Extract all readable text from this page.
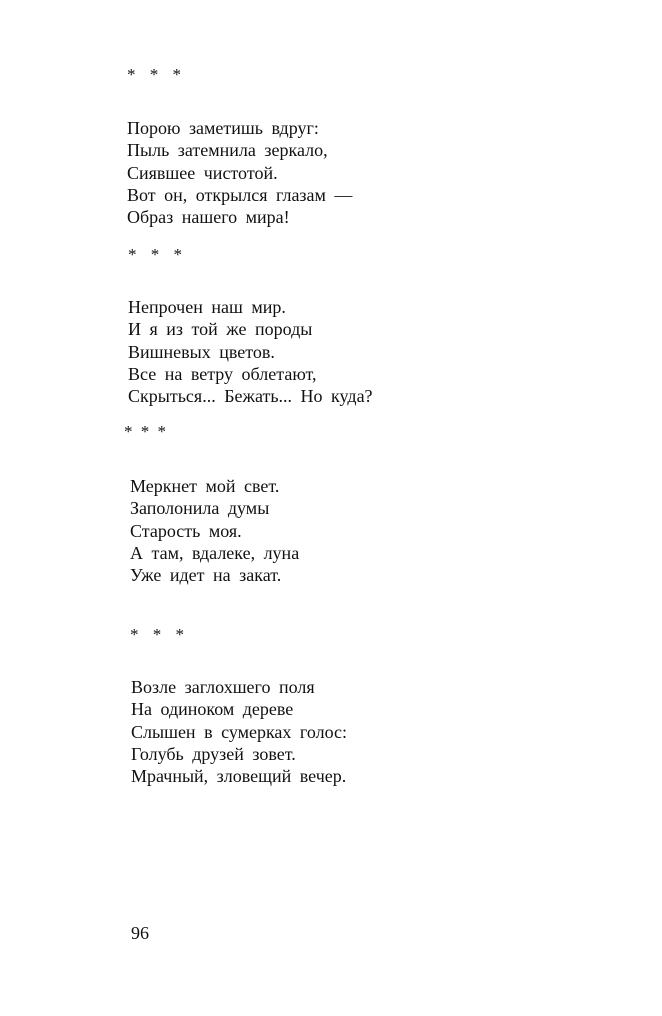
* * *
Порою заметишь вдруг:
Пыль затемнила зеркало,
Сиявшее чистотой.
Вот он, открылся глазам —
Образ нашего мира!
* * *
Непрочен наш мир.
И я из той же породы
Вишневых цветов.
Все на ветру облетают,
Скрыться... Бежать... Но куда?
* * *
Меркнет мой свет.
Заполонила думы
Старость моя.
А там, вдалеке, луна
Уже идет на закат.
* * *
Возле заглохшего поля
На одиноком дереве
Слышен в сумерках голос:
Голубь друзей зовет.
Мрачный, зловещий вечер.
96
